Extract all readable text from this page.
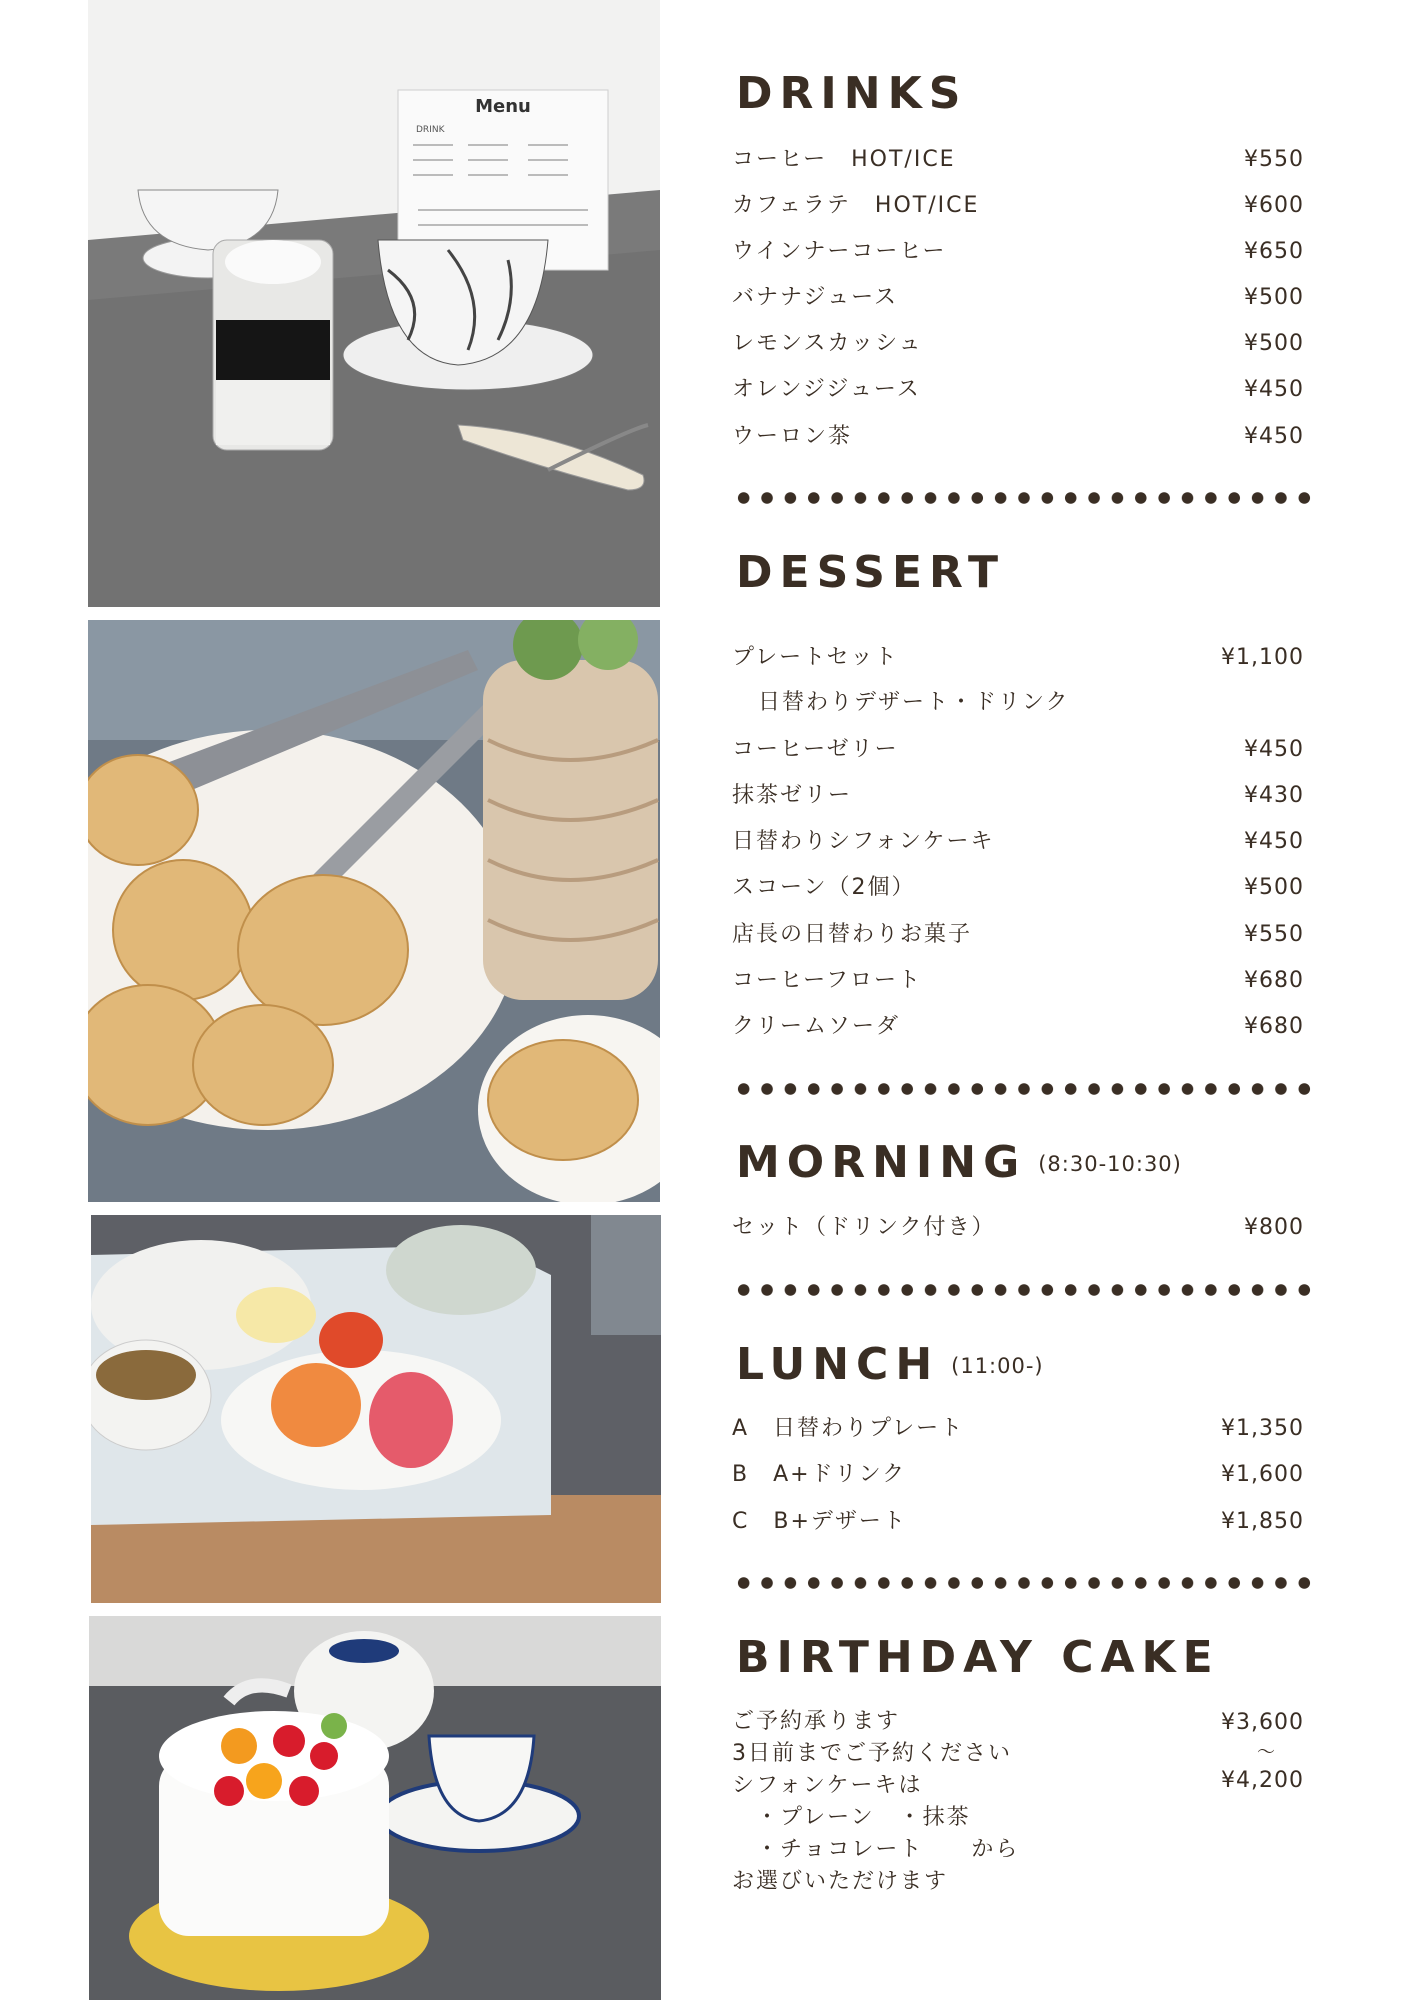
Menu
DRINK
DRINKS
コーヒー　HOT/ICE	¥550
カフェラテ　HOT/ICE	¥600
ウインナーコーヒー	¥650
バナナジュース	¥500
レモンスカッシュ	¥500
オレンジジュース	¥450
ウーロン茶	¥450
DESSERT
プレートセット	¥1,100
日替わりデザート・ドリンク
コーヒーゼリー	¥450
抹茶ゼリー	¥430
日替わりシフォンケーキ	¥450
スコーン（2個）	¥500
店長の日替わりお菓子	¥550
コーヒーフロート	¥680
クリームソーダ	¥680
MORNING $^{(8:30-10:30)}$
セット（ドリンク付き）	¥800
LUNCH $^{(11:00-)}$
A　日替わりプレート	¥1,350
B　A+ドリンク	¥1,600
C　B+デザート	¥1,850
BIRTHDAY CAKE
ご予約承ります
3日前までご予約ください
シフォンケーキは
　・プレーン　・抹茶
　・チョコレート　　から
お選びいただけます
¥3,600
〜
¥4,200
